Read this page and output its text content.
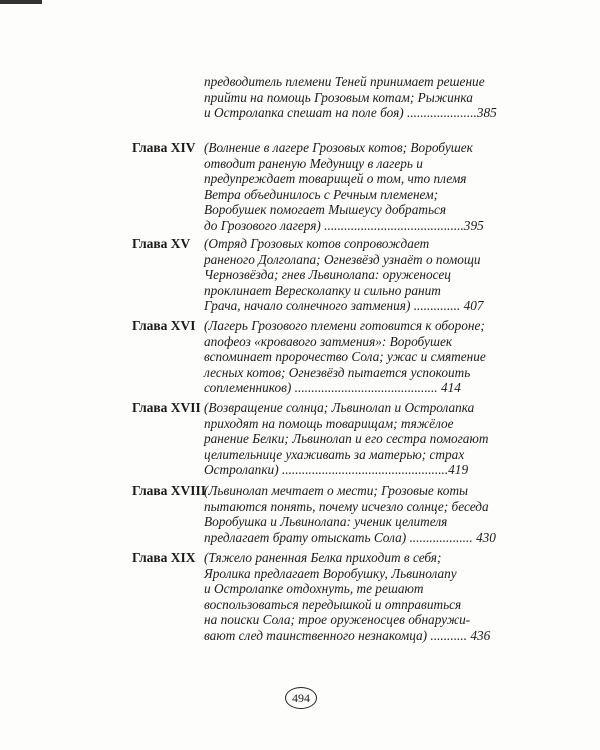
предводитель племени Теней принимает решение
прийти на помощь Грозовым котам; Рыжинка
и Остролапка спешат на поле боя) .....................385
Глава XIV (Волнение в лагере Грозовых котов; Воробушек
отводит раненую Медуницу в лагерь и
предупреждает товарищей о том, что племя
Ветра объединилось с Речным племенем;
Воробушек помогает Мышеусу добраться
до Грозового лагеря) ..........................................395
Глава XV	(Отряд Грозовых котов сопровождает
раненого Долголапа; Огнезвёзд узнаёт о помощи
Чернозвёзда; гнев Львинолапа: оруженосец
проклинает Вересколапку и сильно ранит
Грача, начало солнечного затмения) .............. 407
Глава XVI (Лагерь Грозового племени готовится к обороне;
апофеоз «кровавого затмения»: Воробушек
вспоминает пророчество Сола; ужас и смятение
лесных котов; Огнезвёзд пытается успокоить
соплеменников) ........................................... 414
Глава XVII (Возвращение солнца; Львинолап и Остролапка
приходят на помощь товарищам; тяжёлое
ранение Белки; Львинолап и его сестра помогают
целительнице ухаживать за матерью; страх
Остролапки) ..................................................419
Глава XVIII
(Львинолап мечтает о мести; Грозовые коты
пытаются понять, почему исчезло солнце; беседа
Воробушка и Львинолапа: ученик целителя
предлагает брату отыскать Сола) ................... 430
Глава XIX (Тяжело раненная Белка приходит в себя;
Яролика предлагает Воробушку, Львинолапу
и Остролапке отдохнуть, те решают
воспользоваться передышкой и отправиться
на поиски Сола; трое оруженосцев обнаружи-
вают след таинственного незнакомца) ........... 436
494
